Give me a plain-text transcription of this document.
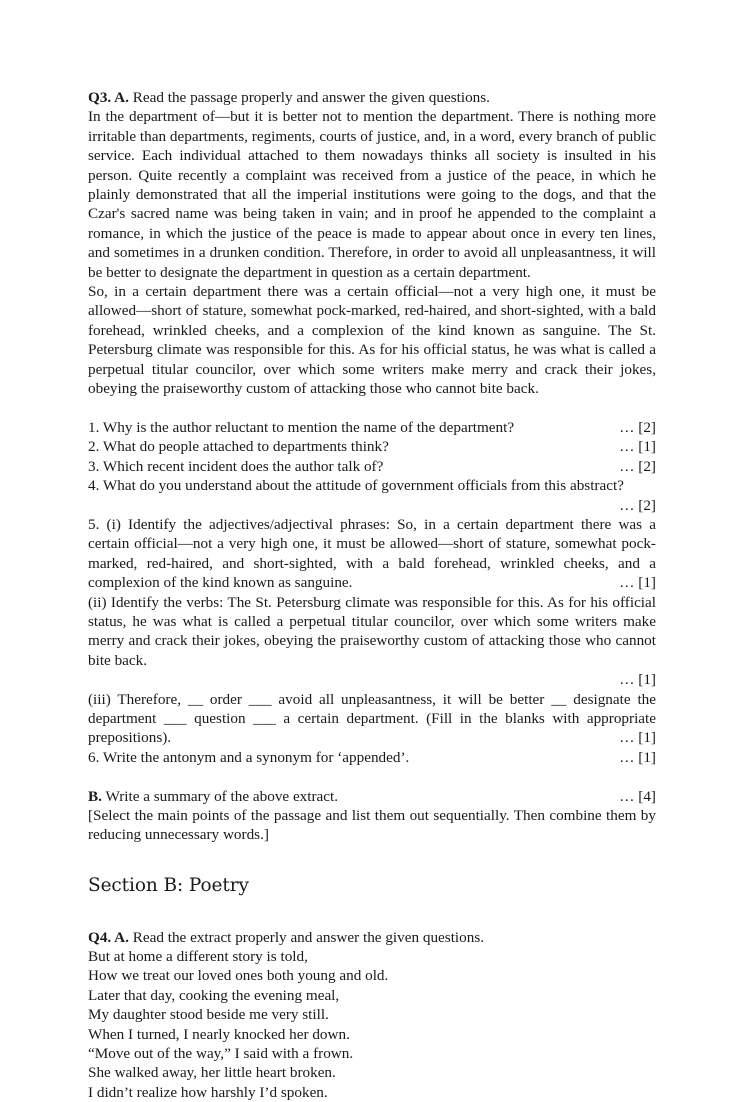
Q3. A. Read the passage properly and answer the given questions.

In the department of—but it is better not to mention the department. There is nothing more irritable than departments, regiments, courts of justice, and, in a word, every branch of public service. Each individual attached to them nowadays thinks all society is insulted in his person. Quite recently a complaint was received from a justice of the peace, in which he plainly demonstrated that all the imperial institutions were going to the dogs, and that the Czar's sacred name was being taken in vain; and in proof he appended to the complaint a romance, in which the justice of the peace is made to appear about once in every ten lines, and sometimes in a drunken condition. Therefore, in order to avoid all unpleasantness, it will be better to designate the department in question as a certain department.

So, in a certain department there was a certain official—not a very high one, it must be allowed—short of stature, somewhat pock-marked, red-haired, and short-sighted, with a bald forehead, wrinkled cheeks, and a complexion of the kind known as sanguine. The St. Petersburg climate was responsible for this. As for his official status, he was what is called a perpetual titular councilor, over which some writers make merry and crack their jokes, obeying the praiseworthy custom of attacking those who cannot bite back.

1. Why is the author reluctant to mention the name of the department?	… [2]
2. What do people attached to departments think?	… [1]
3. Which recent incident does the author talk of?	… [2]
4. What do you understand about the attitude of government officials from this abstract?
… [2]

5. (i) Identify the adjectives/adjectival phrases: So, in a certain department there was a certain official—not a very high one, it must be allowed—short of stature, somewhat pock-marked, red-haired, and short-sighted, with a bald forehead, wrinkled cheeks, and a complexion of the kind known as sanguine.	… [1]

(ii) Identify the verbs: The St. Petersburg climate was responsible for this. As for his official status, he was what is called a perpetual titular councilor, over which some writers make merry and crack their jokes, obeying the praiseworthy custom of attacking those who cannot bite back.

… [1]

(iii) Therefore, __ order ___ avoid all unpleasantness, it will be better __ designate the department ___ question ___ a certain department. (Fill in the blanks with appropriate prepositions).	… [1]
6. Write the antonym and a synonym for ‘appended’.	… [1]
B. Write a summary of the above extract.	… [4]

[Select the main points of the passage and list them out sequentially. Then combine them by reducing unnecessary words.]

Section B: Poetry
Q4. A. Read the extract properly and answer the given questions.
But at home a different story is told,
How we treat our loved ones both young and old.
Later that day, cooking the evening meal,
My daughter stood beside me very still.
When I turned, I nearly knocked her down.
“Move out of the way,” I said with a frown.
She walked away, her little heart broken.
I didn’t realize how harshly I’d spoken.
